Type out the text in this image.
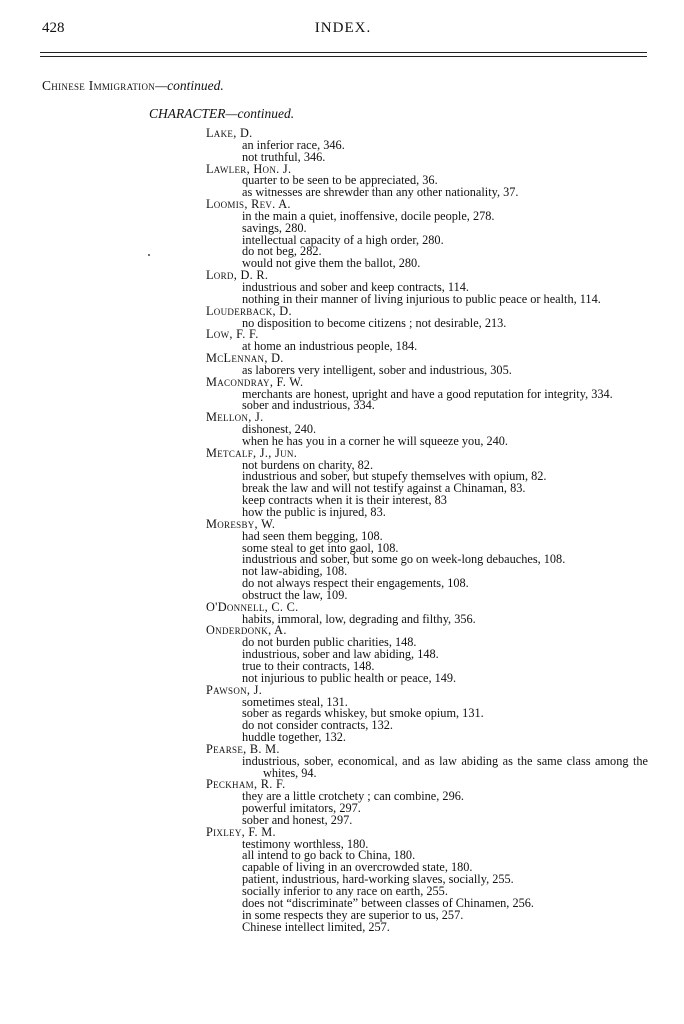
428	INDEX.
Chinese Immigration—continued.
CHARACTER—continued.
Lake, D.
an inferior race, 346.
not truthful, 346.
Lawler, Hon. J.
quarter to be seen to be appreciated, 36.
as witnesses are shrewder than any other nationality, 37.
Loomis, Rev. A.
in the main a quiet, inoffensive, docile people, 278.
savings, 280.
intellectual capacity of a high order, 280.
do not beg, 282.
would not give them the ballot, 280.
Lord, D. R.
industrious and sober and keep contracts, 114.
nothing in their manner of living injurious to public peace or health, 114.
Louderback, D.
no disposition to become citizens ; not desirable, 213.
Low, F. F.
at home an industrious people, 184.
McLennan, D.
as laborers very intelligent, sober and industrious, 305.
Macondray, F. W.
merchants are honest, upright and have a good reputation for integrity, 334.
sober and industrious, 334.
Mellon, J.
dishonest, 240.
when he has you in a corner he will squeeze you, 240.
Metcalf, J., Jun.
not burdens on charity, 82.
industrious and sober, but stupefy themselves with opium, 82.
break the law and will not testify against a Chinaman, 83.
keep contracts when it is their interest, 83
how the public is injured, 83.
Moresby, W.
had seen them begging, 108.
some steal to get into gaol, 108.
industrious and sober, but some go on week-long debauches, 108.
not law-abiding, 108.
do not always respect their engagements, 108.
obstruct the law, 109.
O'Donnell, C. C.
habits, immoral, low, degrading and filthy, 356.
Onderdonk, A.
do not burden public charities, 148.
industrious, sober and law abiding, 148.
true to their contracts, 148.
not injurious to public health or peace, 149.
Pawson, J.
sometimes steal, 131.
sober as regards whiskey, but smoke opium, 131.
do not consider contracts, 132.
huddle together, 132.
Pearse, B. M.
industrious, sober, economical, and as law abiding as the same class among the whites, 94.
Peckham, R. F.
they are a little crotchety ; can combine, 296.
powerful imitators, 297.
sober and honest, 297.
Pixley, F. M.
testimony worthless, 180.
all intend to go back to China, 180.
capable of living in an overcrowded state, 180.
patient, industrious, hard-working slaves, socially, 255.
socially inferior to any race on earth, 255.
does not “discriminate” between classes of Chinamen, 256.
in some respects they are superior to us, 257.
Chinese intellect limited, 257.
